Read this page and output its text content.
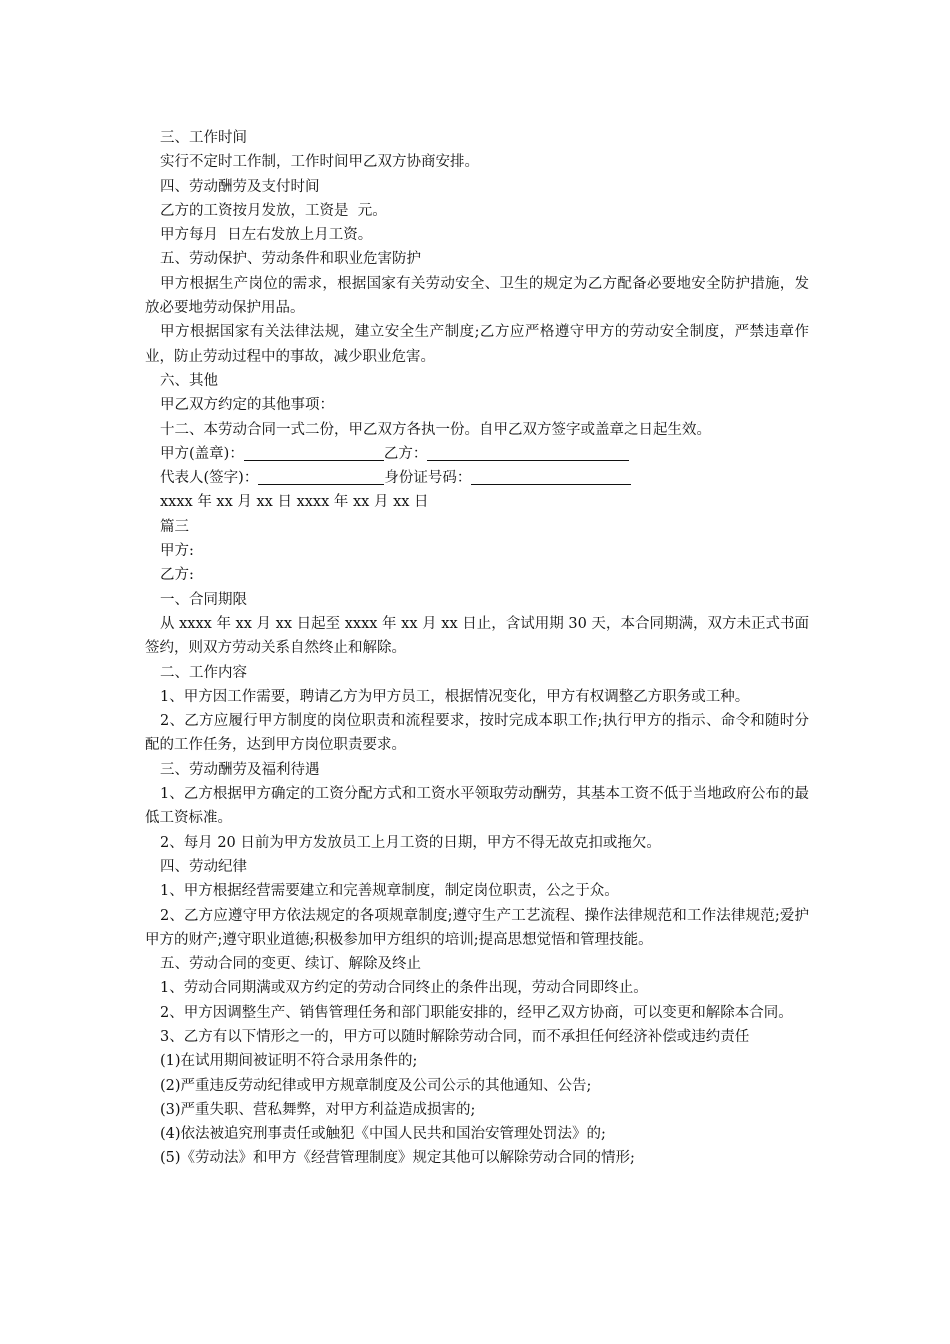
三、工作时间
实行不定时工作制，工作时间甲乙双方协商安排。
四、劳动酬劳及支付时间
乙方的工资按月发放，工资是  元。
甲方每月  日左右发放上月工资。
五、劳动保护、劳动条件和职业危害防护
甲方根据生产岗位的需求，根据国家有关劳动安全、卫生的规定为乙方配备必要地安全防护措施，发放必要地劳动保护用品。
甲方根据国家有关法律法规，建立安全生产制度;乙方应严格遵守甲方的劳动安全制度，严禁违章作业，防止劳动过程中的事故，减少职业危害。
六、其他
甲乙双方约定的其他事项：
十二、本劳动合同一式二份，甲乙双方各执一份。自甲乙双方签字或盖章之日起生效。
甲方(盖章)：	乙方：
代表人(签字)：	身份证号码：
xxxx 年 xx 月 xx 日 xxxx 年 xx 月 xx 日
篇三
甲方:
乙方:
一、合同期限
从 xxxx 年 xx 月 xx 日起至 xxxx 年 xx 月 xx 日止，含试用期 30 天，本合同期满，双方未正式书面签约，则双方劳动关系自然终止和解除。
二、工作内容
1、甲方因工作需要，聘请乙方为甲方员工，根据情况变化，甲方有权调整乙方职务或工种。
2、乙方应履行甲方制度的岗位职责和流程要求，按时完成本职工作;执行甲方的指示、命令和随时分配的工作任务，达到甲方岗位职责要求。
三、劳动酬劳及福利待遇
1、乙方根据甲方确定的工资分配方式和工资水平领取劳动酬劳，其基本工资不低于当地政府公布的最低工资标准。
2、每月 20 日前为甲方发放员工上月工资的日期，甲方不得无故克扣或拖欠。
四、劳动纪律
1、甲方根据经营需要建立和完善规章制度，制定岗位职责，公之于众。
2、乙方应遵守甲方依法规定的各项规章制度;遵守生产工艺流程、操作法律规范和工作法律规范;爱护甲方的财产;遵守职业道德;积极参加甲方组织的培训;提高思想觉悟和管理技能。
五、劳动合同的变更、续订、解除及终止
1、劳动合同期满或双方约定的劳动合同终止的条件出现，劳动合同即终止。
2、甲方因调整生产、销售管理任务和部门职能安排的，经甲乙双方协商，可以变更和解除本合同。
3、乙方有以下情形之一的，甲方可以随时解除劳动合同，而不承担任何经济补偿或违约责任
(1)在试用期间被证明不符合录用条件的;
(2)严重违反劳动纪律或甲方规章制度及公司公示的其他通知、公告;
(3)严重失职、营私舞弊，对甲方利益造成损害的;
(4)依法被追究刑事责任或触犯《中国人民共和国治安管理处罚法》的;
(5)《劳动法》和甲方《经营管理制度》规定其他可以解除劳动合同的情形;
